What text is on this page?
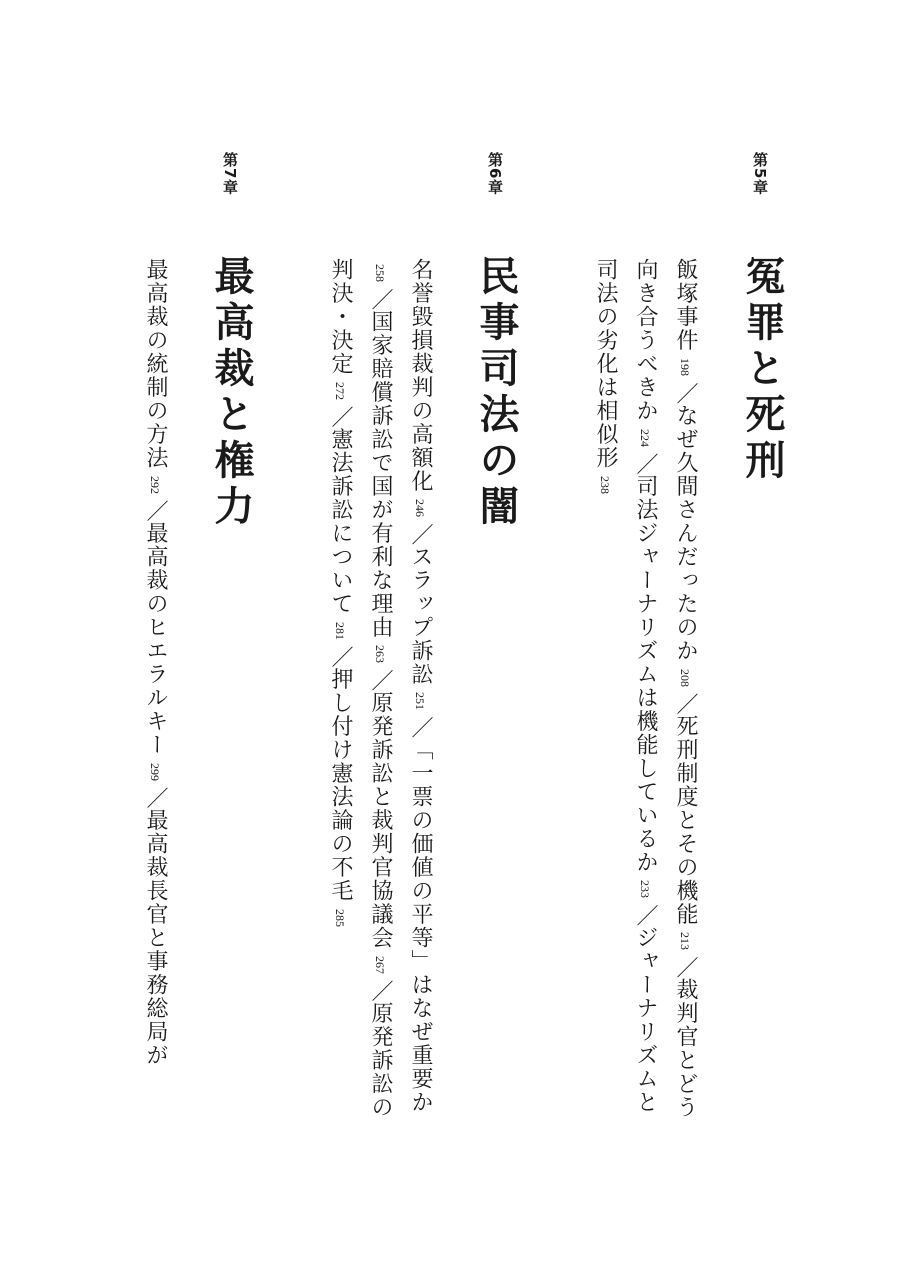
第5章
冤罪と死刑
飯塚事件198／なぜ久間さんだったのか208／死刑制度とその機能213／裁判官とどう向き合うべきか224／司法ジャーナリズムは機能しているか233／ジャーナリズムと司法の劣化は相似形238
第6章
民事司法の闇
名誉毀損裁判の高額化246／スラップ訴訟251／「一票の価値の平等」はなぜ重要か258／国家賠償訴訟で国が有利な理由263／原発訴訟と裁判官協議会267／原発訴訟の判決・決定272／憲法訴訟について281／押し付け憲法論の不毛285
第7章
最高裁と権力
最高裁の統制の方法292／最高裁のヒエラルキー299／最高裁長官と事務総局が
